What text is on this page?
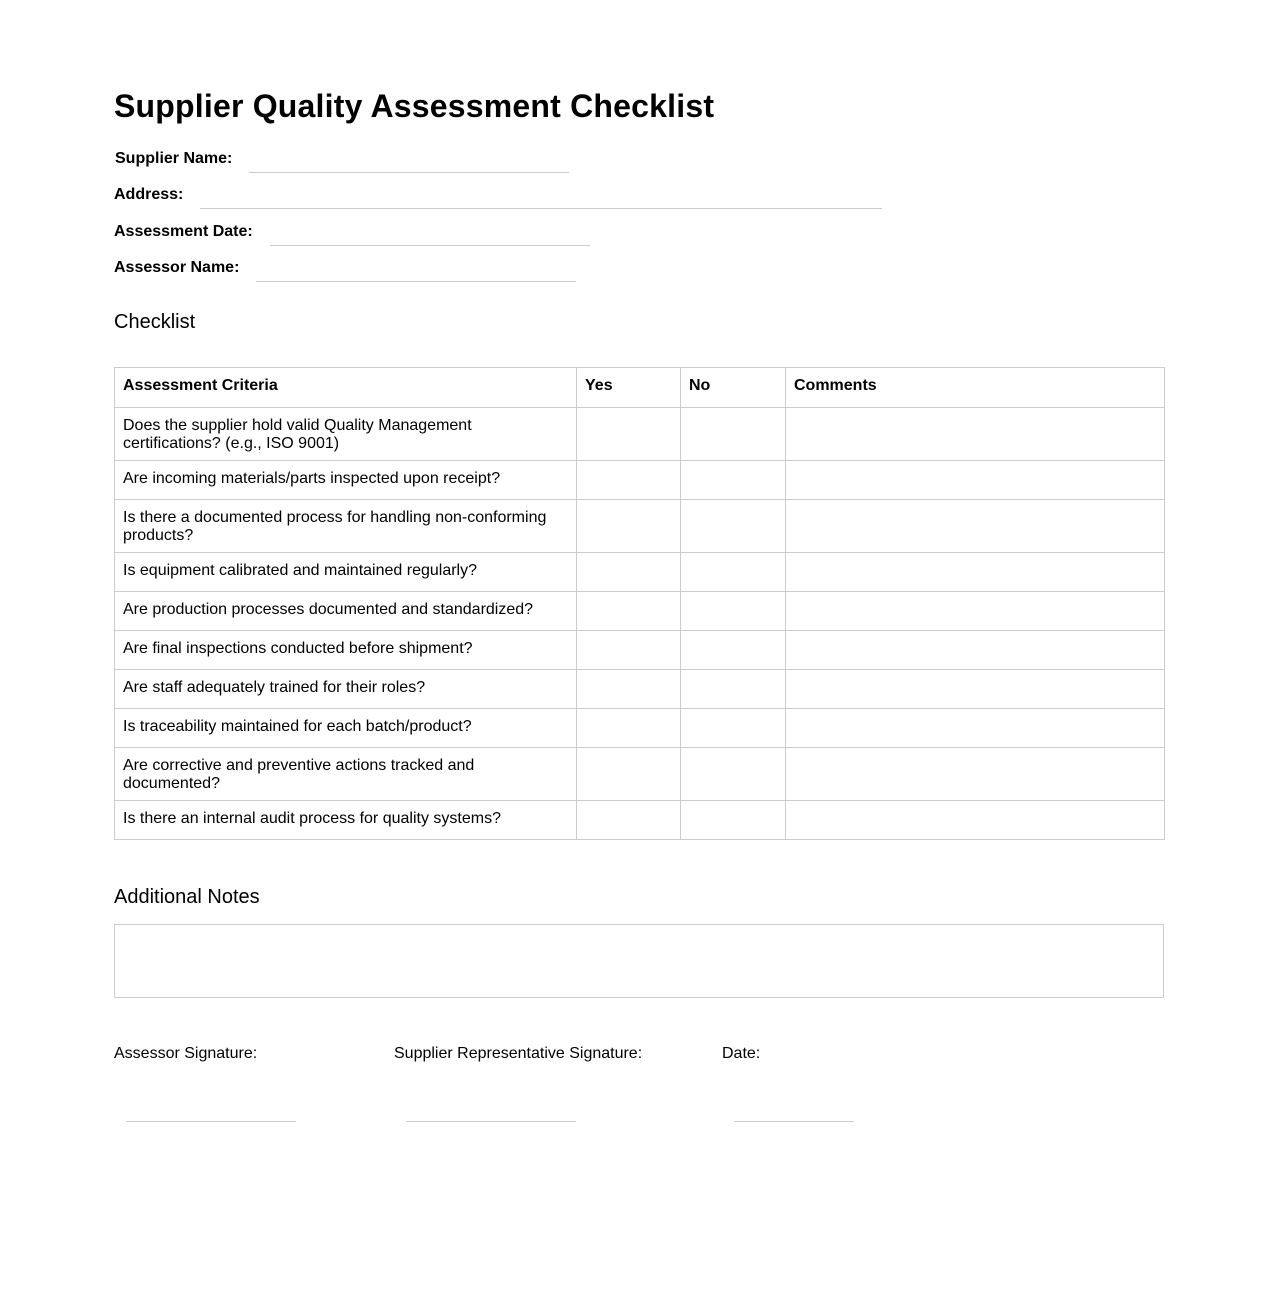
Supplier Quality Assessment Checklist
Supplier Name:
Address:
Assessment Date:
Assessor Name:
Checklist
Assessment Criteria	Yes	No	Comments
Does the supplier hold valid Quality Management certifications? (e.g., ISO 9001)			
Are incoming materials/parts inspected upon receipt?			
Is there a documented process for handling non-conforming products?			
Is equipment calibrated and maintained regularly?			
Are production processes documented and standardized?			
Are final inspections conducted before shipment?			
Are staff adequately trained for their roles?			
Is traceability maintained for each batch/product?			
Are corrective and preventive actions tracked and documented?			
Is there an internal audit process for quality systems?			
Additional Notes
Assessor Signature:	Supplier Representative Signature:	Date:
